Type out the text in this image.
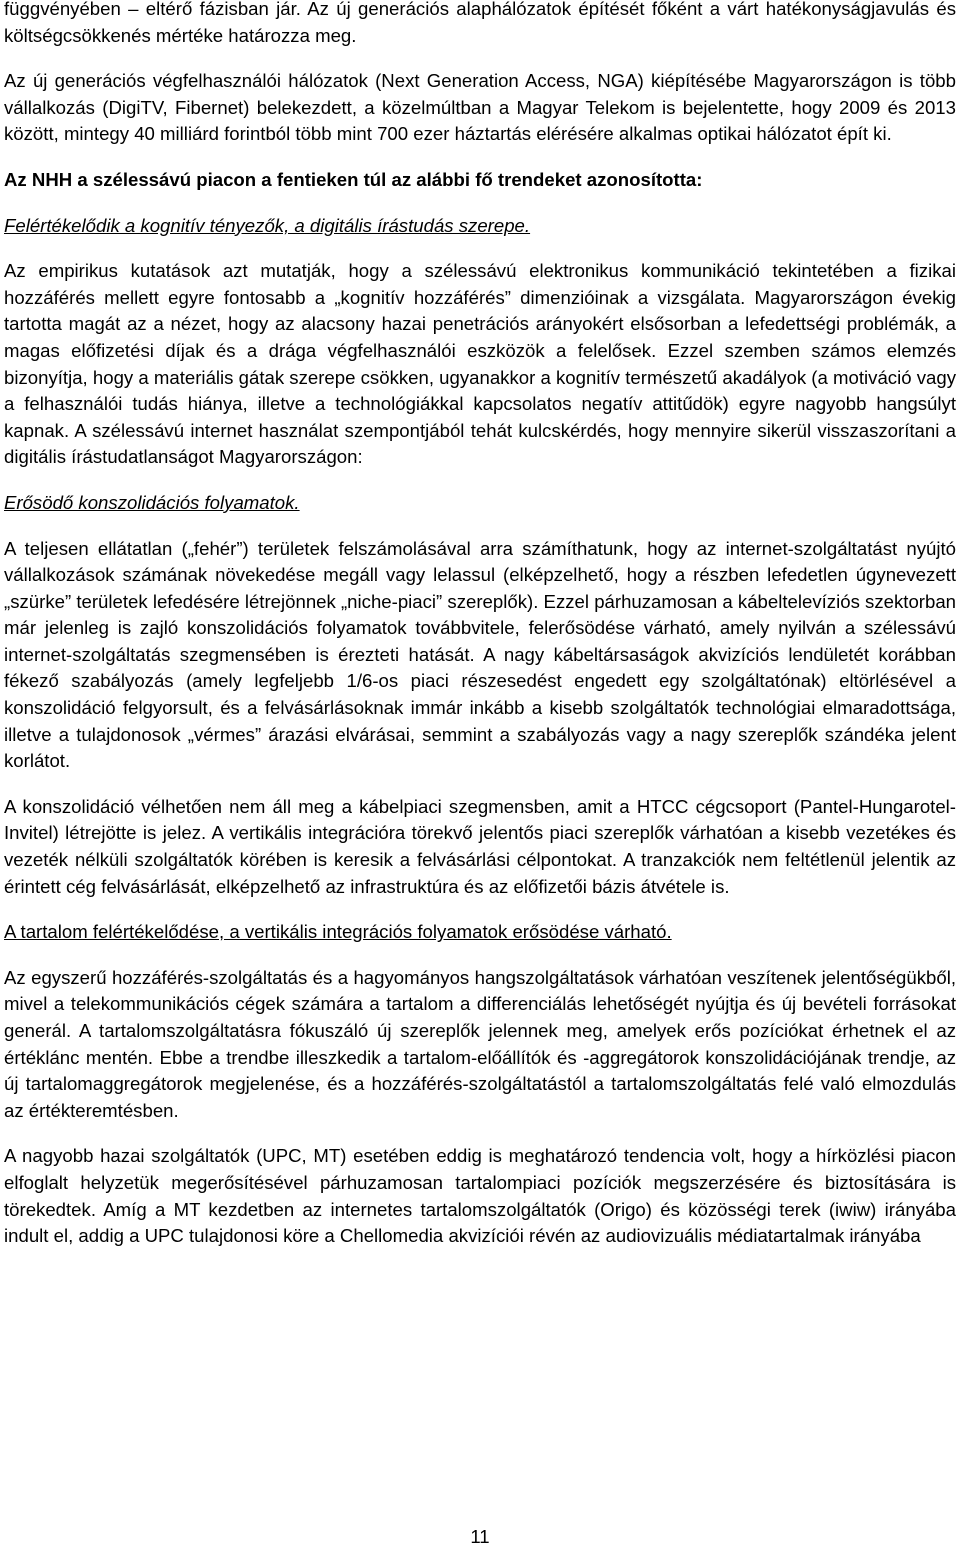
függvényében – eltérő fázisban jár. Az új generációs alaphálózatok építését főként a várt hatékonyságjavulás és költségcsökkenés mértéke határozza meg.

Az új generációs végfelhasználói hálózatok (Next Generation Access, NGA) kiépítésébe Magyarországon is több vállalkozás (DigiTV, Fibernet) belekezdett, a közelmúltban a Magyar Telekom is bejelentette, hogy 2009 és 2013 között, mintegy 40 milliárd forintból több mint 700 ezer háztartás elérésére alkalmas optikai hálózatot épít ki.

Az NHH a szélessávú piacon a fentieken túl az alábbi fő trendeket azonosította:

Felértékelődik a kognitív tényezők, a digitális írástudás szerepe.

Az empirikus kutatások azt mutatják, hogy a szélessávú elektronikus kommunikáció tekintetében a fizikai hozzáférés mellett egyre fontosabb a „kognitív hozzáférés” dimenzióinak a vizsgálata. Magyarországon évekig tartotta magát az a nézet, hogy az alacsony hazai penetrációs arányokért elsősorban a lefedettségi problémák, a magas előfizetési díjak és a drága végfelhasználói eszközök a felelősek. Ezzel szemben számos elemzés bizonyítja, hogy a materiális gátak szerepe csökken, ugyanakkor a kognitív természetű akadályok (a motiváció vagy a felhasználói tudás hiánya, illetve a technológiákkal kapcsolatos negatív attitűdök) egyre nagyobb hangsúlyt kapnak. A szélessávú internet használat szempontjából tehát kulcskérdés, hogy mennyire sikerül visszaszorítani a digitális írástudatlanságot Magyarországon:

Erősödő konszolidációs folyamatok.

A teljesen ellátatlan („fehér”) területek felszámolásával arra számíthatunk, hogy az internet-szolgáltatást nyújtó vállalkozások számának növekedése megáll vagy lelassul (elképzelhető, hogy a részben lefedetlen úgynevezett „szürke” területek lefedésére létrejönnek „niche-piaci” szereplők). Ezzel párhuzamosan a kábeltelevíziós szektorban már jelenleg is zajló konszolidációs folyamatok továbbvitele, felerősödése várható, amely nyilván a szélessávú internet-szolgáltatás szegmensében is érezteti hatását. A nagy kábeltársaságok akvizíciós lendületét korábban fékező szabályozás (amely legfeljebb 1/6-os piaci részesedést engedett egy szolgáltatónak) eltörlésével a konszolidáció felgyorsult, és a felvásárlásoknak immár inkább a kisebb szolgáltatók technológiai elmaradottsága, illetve a tulajdonosok „vérmes” árazási elvárásai, semmint a szabályozás vagy a nagy szereplők szándéka jelent korlátot.

A konszolidáció vélhetően nem áll meg a kábelpiaci szegmensben, amit a HTCC cégcsoport (Pantel-Hungarotel-Invitel) létrejötte is jelez. A vertikális integrációra törekvő jelentős piaci szereplők várhatóan a kisebb vezetékes és vezeték nélküli szolgáltatók körében is keresik a felvásárlási célpontokat. A tranzakciók nem feltétlenül jelentik az érintett cég felvásárlását, elképzelhető az infrastruktúra és az előfizetői bázis átvétele is.

A tartalom felértékelődése, a vertikális integrációs folyamatok erősödése várható.

Az egyszerű hozzáférés-szolgáltatás és a hagyományos hangszolgáltatások várhatóan veszítenek jelentőségükből, mivel a telekommunikációs cégek számára a tartalom a differenciálás lehetőségét nyújtja és új bevételi forrásokat generál. A tartalomszolgáltatásra fókuszáló új szereplők jelennek meg, amelyek erős pozíciókat érhetnek el az értéklánc mentén. Ebbe a trendbe illeszkedik a tartalom-előállítók és -aggregátorok konszolidációjának trendje, az új tartalomaggregátorok megjelenése, és a hozzáférés-szolgáltatástól a tartalomszolgáltatás felé való elmozdulás az értékteremtésben.

A nagyobb hazai szolgáltatók (UPC, MT) esetében eddig is meghatározó tendencia volt, hogy a hírközlési piacon elfoglalt helyzetük megerősítésével párhuzamosan tartalompiaci pozíciók megszerzésére és biztosítására is törekedtek. Amíg a MT kezdetben az internetes tartalomszolgáltatók (Origo) és közösségi terek (iwiw) irányába indult el, addig a UPC tulajdonosi köre a Chellomedia akvizíciói révén az audiovizuális médiatartalmak irányába

11
